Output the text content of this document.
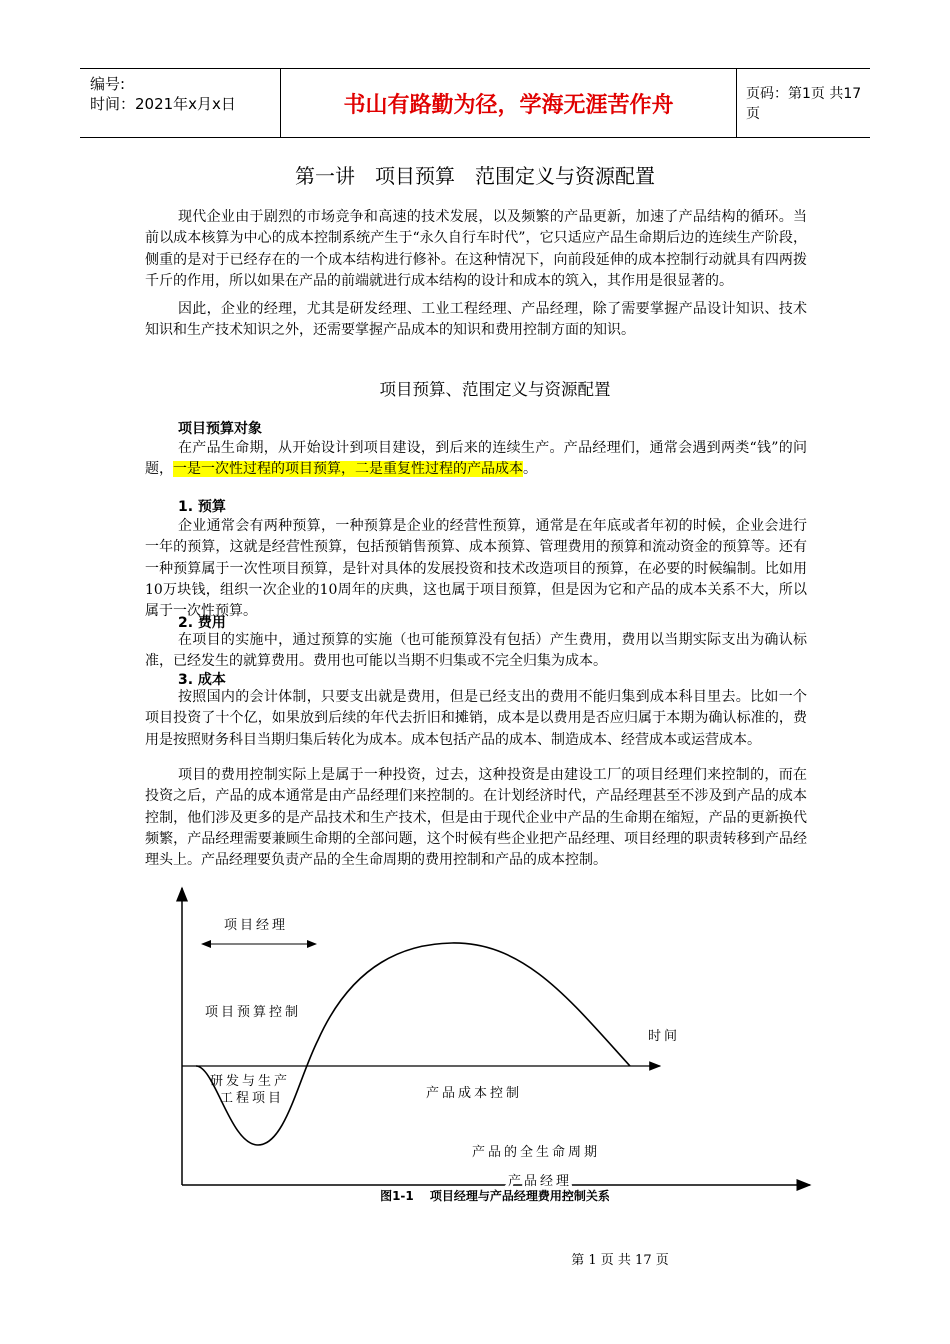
编号:
时间：2021年x月x日	书山有路勤为径，学海无涯苦作舟	页码：第1页 共17页
第一讲　项目预算　范围定义与资源配置

现代企业由于剧烈的市场竞争和高速的技术发展，以及频繁的产品更新，加速了产品结构的循环。当前以成本核算为中心的成本控制系统产生于“永久自行车时代”，它只适应产品生命期后边的连续生产阶段，侧重的是对于已经存在的一个成本结构进行修补。在这种情况下，向前段延伸的成本控制行动就具有四两拨千斤的作用，所以如果在产品的前端就进行成本结构的设计和成本的筑入，其作用是很显著的。

因此，企业的经理，尤其是研发经理、工业工程经理、产品经理，除了需要掌握产品设计知识、技术知识和生产技术知识之外，还需要掌握产品成本的知识和费用控制方面的知识。

项目预算、范围定义与资源配置
项目预算对象

在产品生命期，从开始设计到项目建设，到后来的连续生产。产品经理们，通常会遇到两类“钱”的问题，一是一次性过程的项目预算，二是重复性过程的产品成本。

1. 预算

企业通常会有两种预算，一种预算是企业的经营性预算，通常是在年底或者年初的时候，企业会进行一年的预算，这就是经营性预算，包括预销售预算、成本预算、管理费用的预算和流动资金的预算等。还有一种预算属于一次性项目预算，是针对具体的发展投资和技术改造项目的预算，在必要的时候编制。比如用10万块钱，组织一次企业的10周年的庆典，这也属于项目预算，但是因为它和产品的成本关系不大，所以属于一次性预算。

2. 费用

在项目的实施中，通过预算的实施（也可能预算没有包括）产生费用，费用以当期实际支出为确认标准，已经发生的就算费用。费用也可能以当期不归集或不完全归集为成本。

3. 成本

按照国内的会计体制，只要支出就是费用，但是已经支出的费用不能归集到成本科目里去。比如一个项目投资了十个亿，如果放到后续的年代去折旧和摊销，成本是以费用是否应归属于本期为确认标准的，费用是按照财务科目当期归集后转化为成本。成本包括产品的成本、制造成本、经营成本或运营成本。

项目的费用控制实际上是属于一种投资，过去，这种投资是由建设工厂的项目经理们来控制的，而在投资之后，产品的成本通常是由产品经理们来控制的。在计划经济时代，产品经理甚至不涉及到产品的成本控制，他们涉及更多的是产品技术和生产技术，但是由于现代企业中产品的生命期在缩短，产品的更新换代频繁，产品经理需要兼顾生命期的全部问题，这个时候有些企业把产品经理、项目经理的职责转移到产品经理头上。产品经理要负责产品的全生命周期的费用控制和产品的成本控制。

项目经理
项目预算控制
时间
研发与生产
工程项目	产品成本控制
产品的全生命周期
产品经理
图1-1　 项目经理与产品经理费用控制关系
第 1 页 共 17 页
